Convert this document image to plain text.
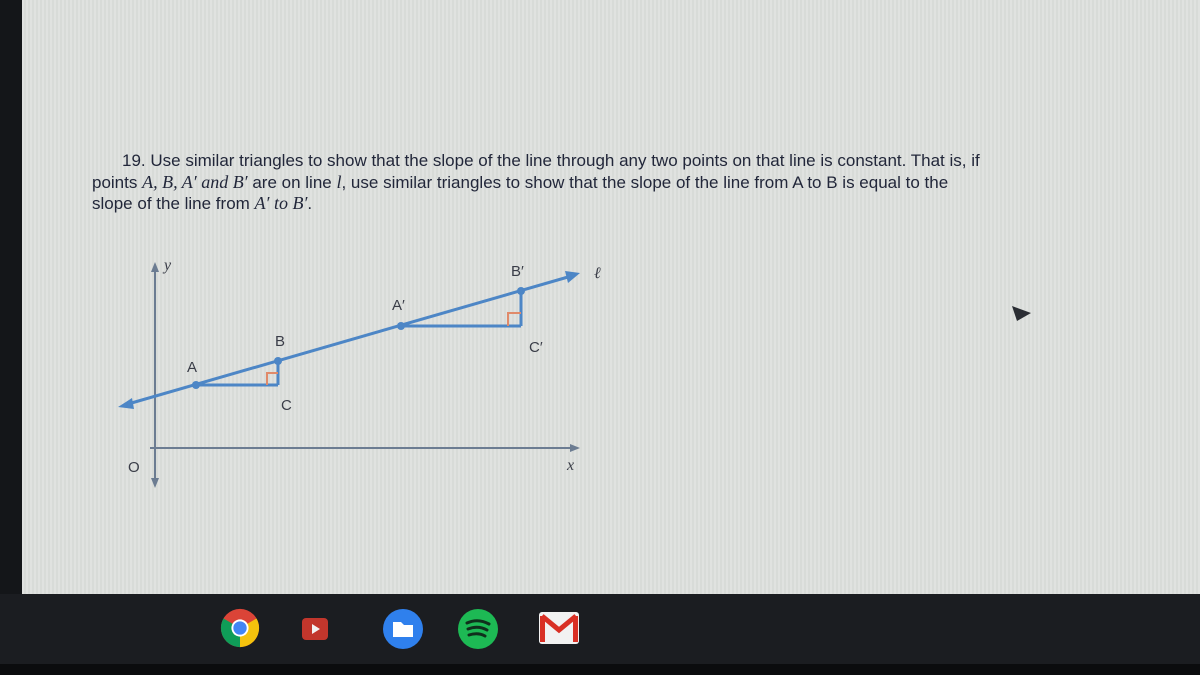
19. Use similar triangles to show that the slope of the line through any two points on that line is constant. That is, if
points A, B, A′ and B′ are on line l, use similar triangles to show that the slope of the line from A to B is equal to the
slope of the line from A′ to B′.
y
x
O
A
B
C
A′
B′
C′
ℓ
